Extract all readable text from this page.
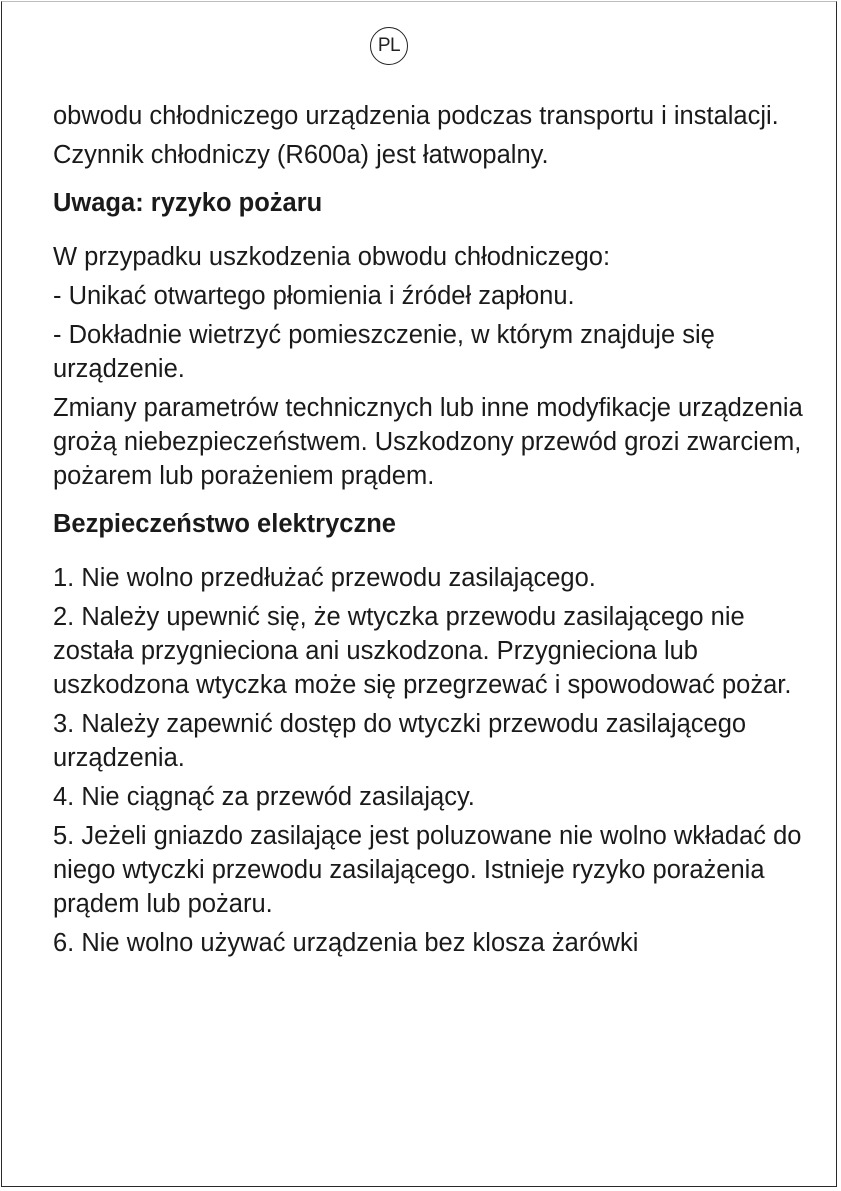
PL

obwodu chłodniczego urządzenia podczas transportu i instalacji.

Czynnik chłodniczy (R600a) jest łatwopalny.

Uwaga: ryzyko pożaru

W przypadku uszkodzenia obwodu chłodniczego:

- Unikać otwartego płomienia i źródeł zapłonu.

- Dokładnie wietrzyć pomieszczenie, w którym znajduje się urządzenie.

Zmiany parametrów technicznych lub inne modyfikacje urządzenia grożą niebezpieczeństwem. Uszkodzony przewód grozi zwarciem, pożarem lub porażeniem prądem.

Bezpieczeństwo elektryczne

1. Nie wolno przedłużać przewodu zasilającego.

2. Należy upewnić się, że wtyczka przewodu zasilającego nie została przygnieciona ani uszkodzona. Przygnieciona lub uszkodzona wtyczka może się przegrzewać i spowodować pożar.

3. Należy zapewnić dostęp do wtyczki przewodu zasilającego urządzenia.

4. Nie ciągnąć za przewód zasilający.

5. Jeżeli gniazdo zasilające jest poluzowane nie wolno wkładać do niego wtyczki przewodu zasilającego. Istnieje ryzyko porażenia prądem lub pożaru.

6. Nie wolno używać urządzenia bez klosza żarówki
